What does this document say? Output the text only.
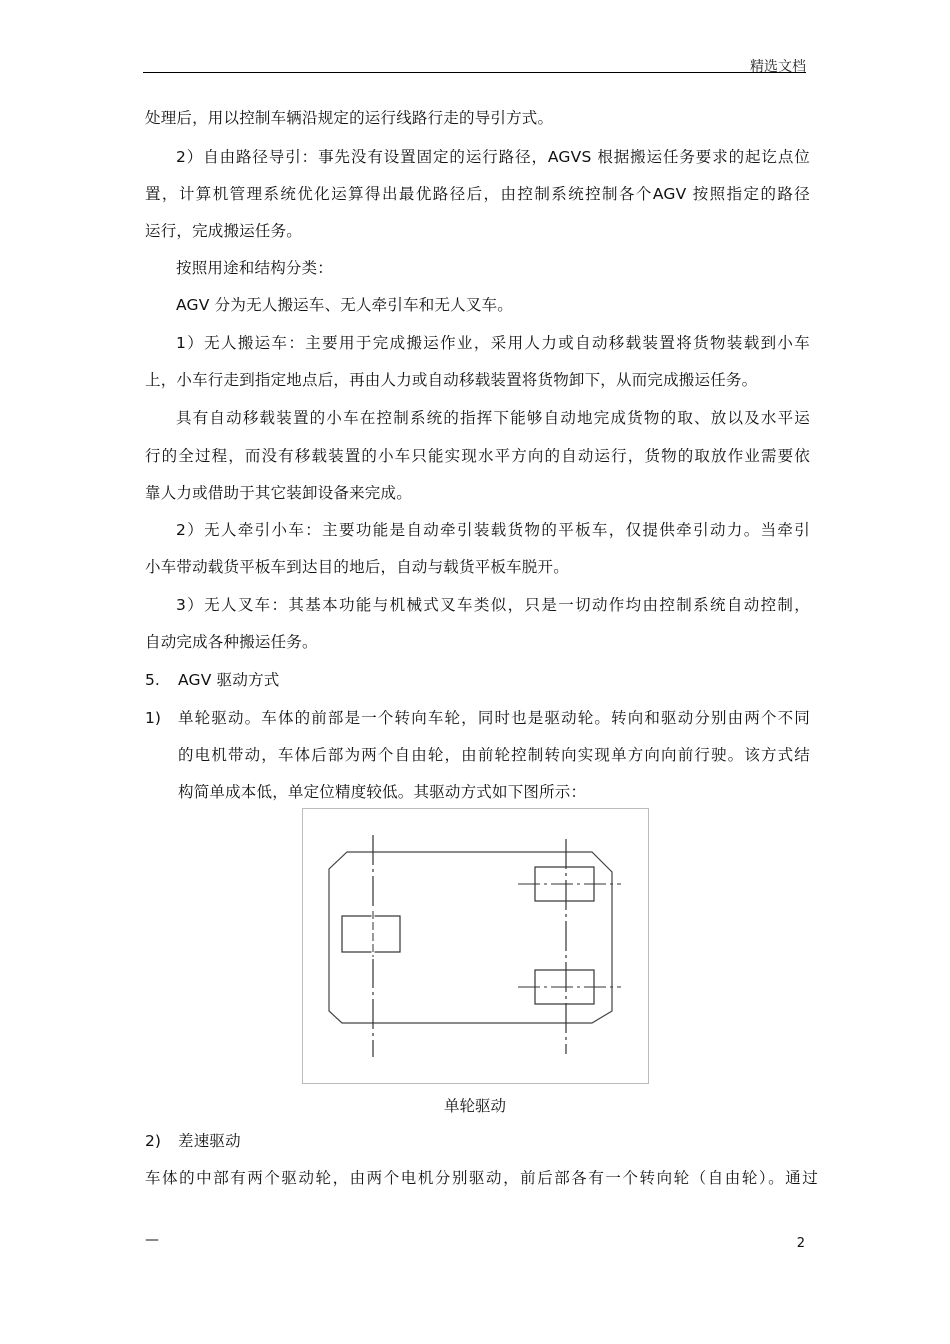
精选文档
处理后，用以控制车辆沿规定的运行线路行走的导引方式。
2）自由路径导引：事先没有设置固定的运行路径，AGVS 根据搬运任务要求的起讫点位
置，计算机管理系统优化运算得出最优路径后，由控制系统控制各个AGV 按照指定的路径
运行，完成搬运任务。
按照用途和结构分类：
AGV 分为无人搬运车、无人牵引车和无人叉车。
1）无人搬运车：主要用于完成搬运作业，采用人力或自动移载装置将货物装载到小车
上，小车行走到指定地点后，再由人力或自动移载装置将货物卸下，从而完成搬运任务。
具有自动移载装置的小车在控制系统的指挥下能够自动地完成货物的取、放以及水平运
行的全过程，而没有移载装置的小车只能实现水平方向的自动运行，货物的取放作业需要依
靠人力或借助于其它装卸设备来完成。
2）无人牵引小车：主要功能是自动牵引装载货物的平板车，仅提供牵引动力。当牵引
小车带动载货平板车到达目的地后，自动与载货平板车脱开。
3）无人叉车：其基本功能与机械式叉车类似，只是一切动作均由控制系统自动控制，
自动完成各种搬运任务。
5. AGV 驱动方式
1) 单轮驱动。车体的前部是一个转向车轮，同时也是驱动轮。转向和驱动分别由两个不同
的电机带动，车体后部为两个自由轮，由前轮控制转向实现单方向向前行驶。该方式结
构简单成本低，单定位精度较低。其驱动方式如下图所示：
单轮驱动
2) 差速驱动
车体的中部有两个驱动轮，由两个电机分别驱动，前后部各有一个转向轮（自由轮）。通过
—	2
